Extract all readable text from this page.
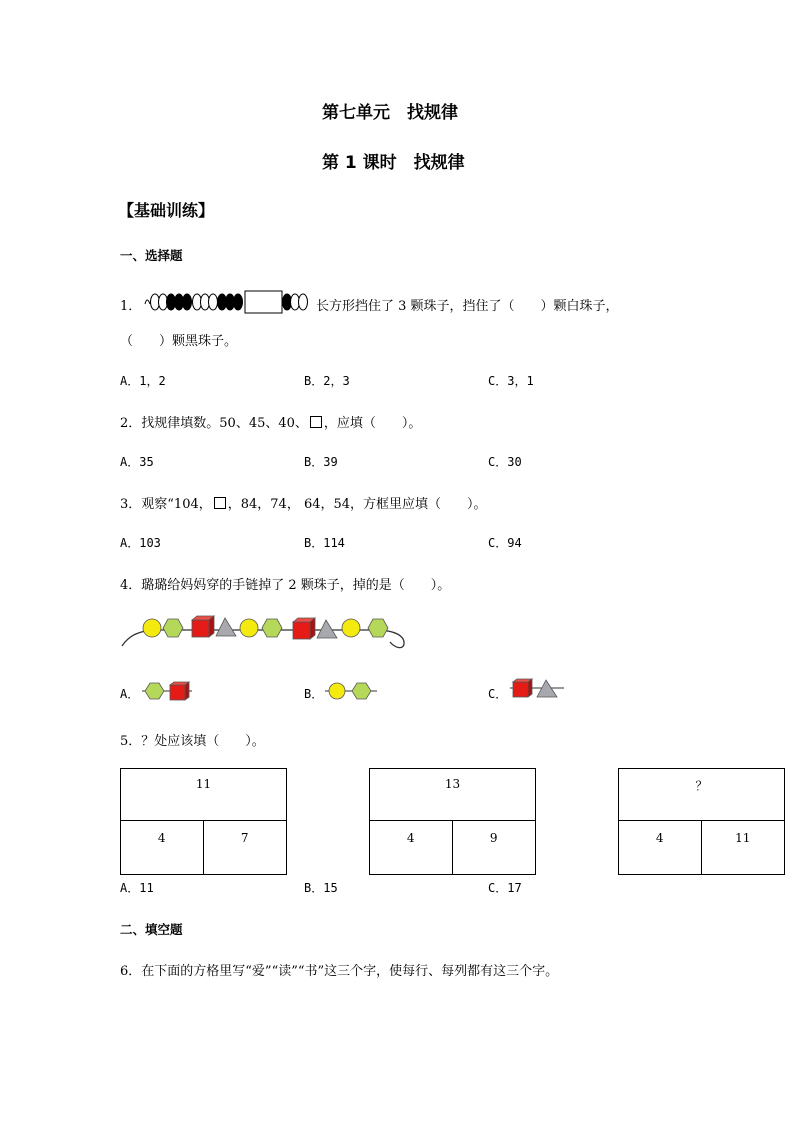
第七单元　找规律
第 1 课时　找规律
【基础训练】
一、选择题
1．	长方形挡住了 3 颗珠子，挡住了（　　）颗白珠子，
（　　）颗黑珠子。
A．1，2	B．2，3	C．3，1
2．找规律填数。50、45、40、 ，应填（　　）。
A．35	B．39	C．30
3．观察“104， ，84，74， 64，54，方框里应填（　　）。
A．103	B．114	C．94
4．璐璐给妈妈穿的手链掉了 2 颗珠子，掉的是（　　）。
A．	B．	C．
5．？处应该填（　　）。
11
4	7
13
4	9
？
4	11
A．11	B．15	C．17
二、填空题
6．在下面的方格里写“爱”“读”“书”这三个字，使每行、每列都有这三个字。
